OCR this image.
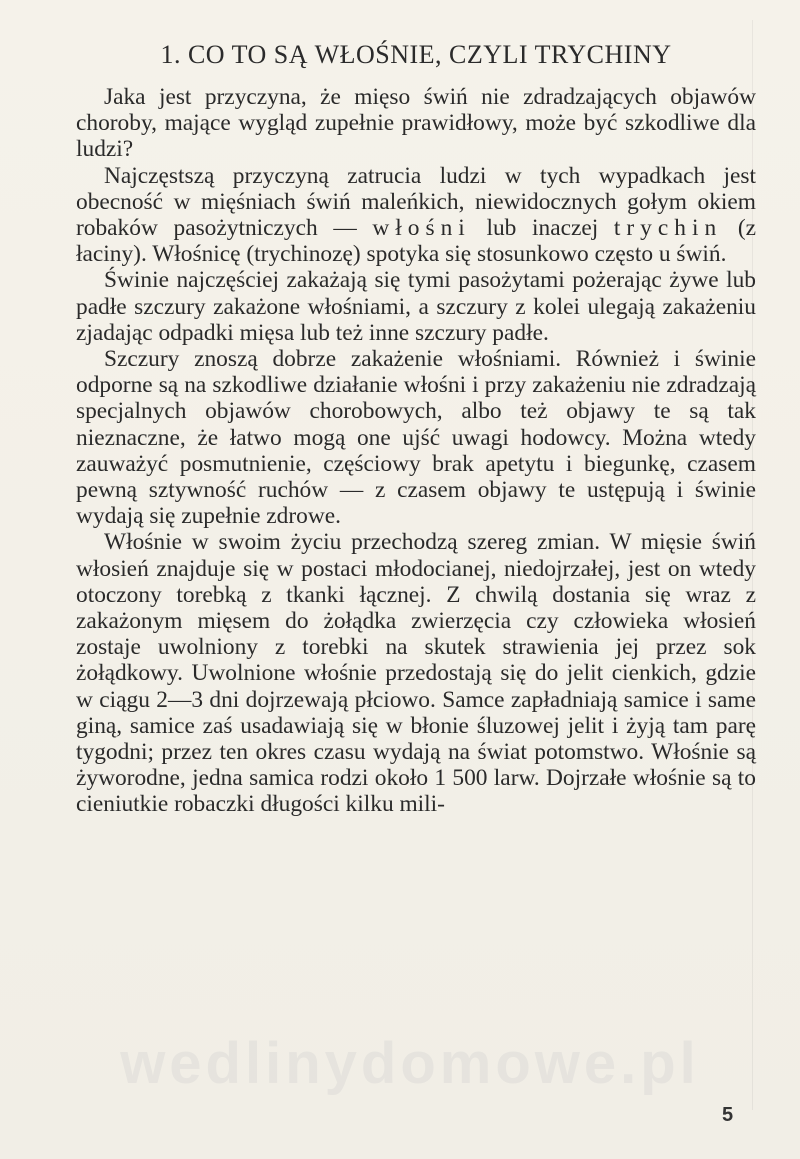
1. CO TO SĄ WŁOŚNIE, CZYLI TRYCHINY

Jaka jest przyczyna, że mięso świń nie zdradzających objawów choroby, mające wygląd zupełnie prawidłowy, może być szkodliwe dla ludzi?

Najczęstszą przyczyną zatrucia ludzi w tych wypadkach jest obecność w mięśniach świń maleńkich, niewidocznych gołym okiem robaków pasożytniczych — włośni lub inaczej trychin (z łaciny). Włośnicę (trychinozę) spotyka się stosunkowo często u świń.

Świnie najczęściej zakażają się tymi pasożytami pożerając żywe lub padłe szczury zakażone włośniami, a szczury z kolei ulegają zakażeniu zjadając odpadki mięsa lub też inne szczury padłe.

Szczury znoszą dobrze zakażenie włośniami. Również i świnie odporne są na szkodliwe działanie włośni i przy zakażeniu nie zdradzają specjalnych objawów chorobowych, albo też objawy te są tak nieznaczne, że łatwo mogą one ujść uwagi hodowcy. Można wtedy zauważyć posmutnienie, częściowy brak apetytu i biegunkę, czasem pewną sztywność ruchów — z czasem objawy te ustępują i świnie wydają się zupełnie zdrowe.

Włośnie w swoim życiu przechodzą szereg zmian. W mięsie świń włosień znajduje się w postaci młodocianej, niedojrzałej, jest on wtedy otoczony torebką z tkanki łącznej. Z chwilą dostania się wraz z zakażonym mięsem do żołądka zwierzęcia czy człowieka włosień zostaje uwolniony z torebki na skutek strawienia jej przez sok żołądkowy. Uwolnione włośnie przedostają się do jelit cienkich, gdzie w ciągu 2—3 dni dojrzewają płciowo. Samce zapładniają samice i same giną, samice zaś usadawiają się w błonie śluzowej jelit i żyją tam parę tygodni; przez ten okres czasu wydają na świat potomstwo. Włośnie są żyworodne, jedna samica rodzi około 1 500 larw. Dojrzałe włośnie są to cieniutkie robaczki długości kilku mili-

wedlinydomowe.pl
5
